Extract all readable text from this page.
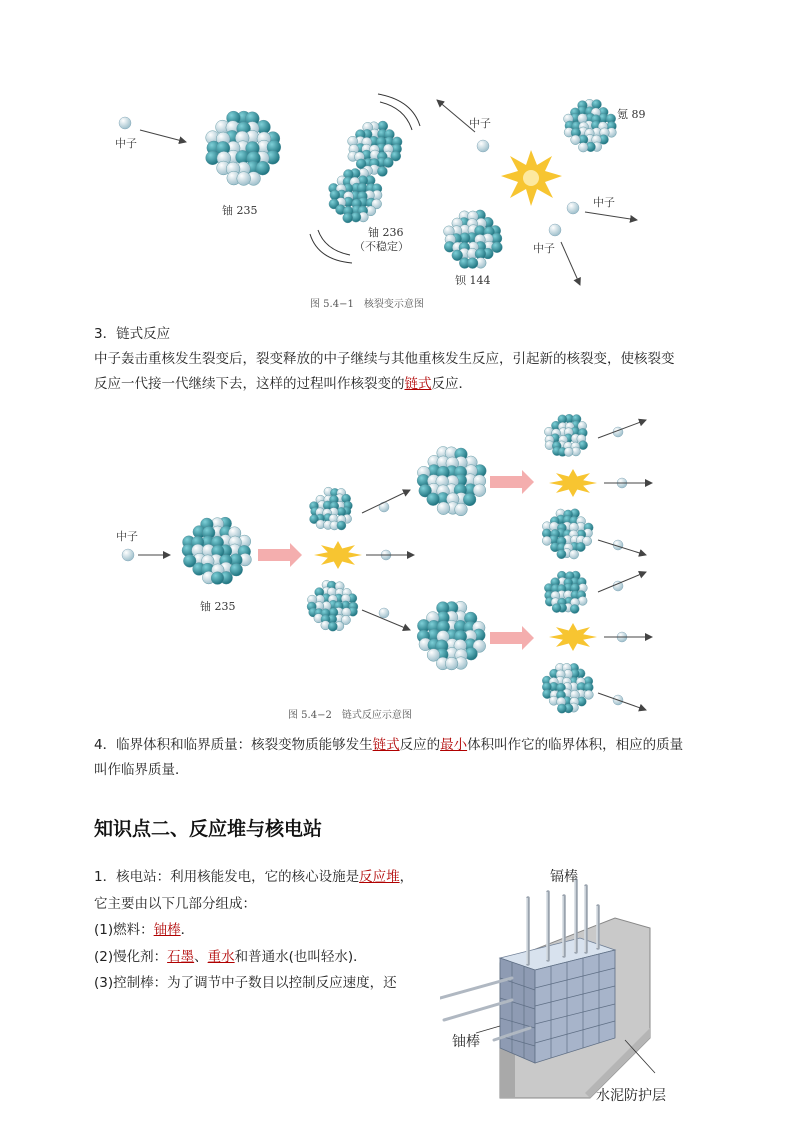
中子
铀 235
铀 236
（不稳定）
中子
氪 89
中子
中子
钡 144
图 5.4−1　核裂变示意图
3．链式反应
中子轰击重核发生裂变后，裂变释放的中子继续与其他重核发生反应，引起新的核裂变，使核裂变
反应一代接一代继续下去，这样的过程叫作核裂变的链式反应．
中子
铀 235
图 5.4−2　链式反应示意图
4．临界体积和临界质量：核裂变物质能够发生链式反应的最小体积叫作它的临界体积，相应的质量
叫作临界质量．
知识点二、反应堆与核电站
1．核电站：利用核能发电，它的核心设施是反应堆，
它主要由以下几部分组成：
(1)燃料：铀棒．
(2)慢化剂：石墨、重水和普通水(也叫轻水)．
(3)控制棒：为了调节中子数目以控制反应速度，还
镉棒
铀棒
水泥防护层
